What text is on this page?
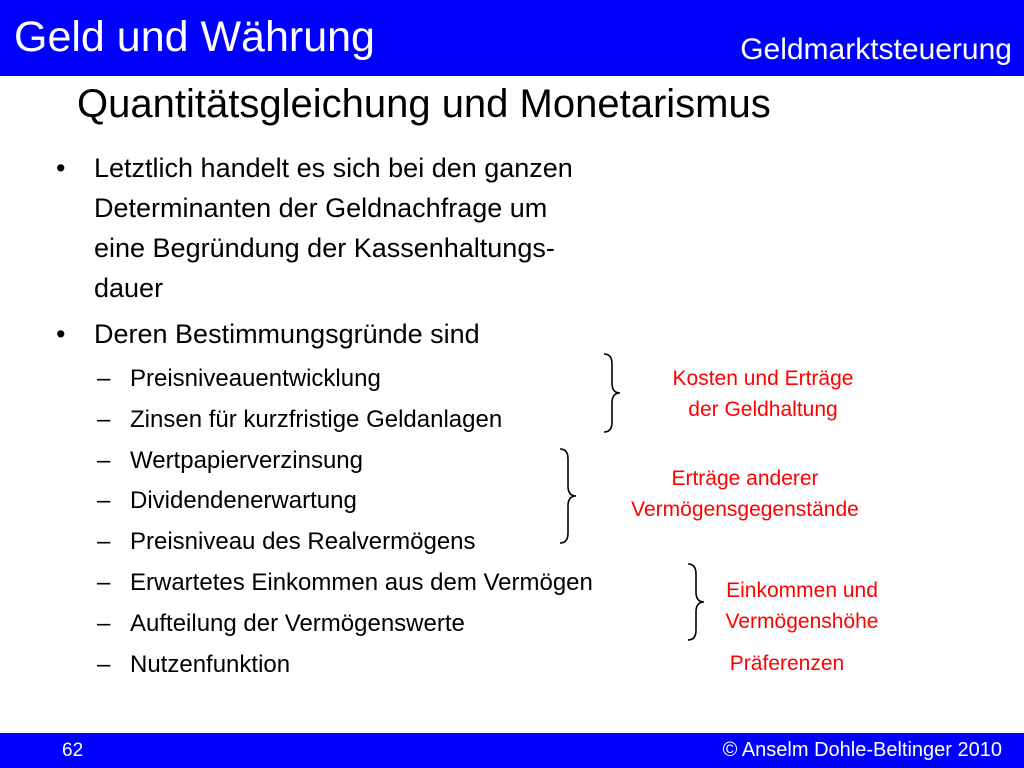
Geld und Währung	Geldmarktsteuerung
Quantitätsgleichung und Monetarismus
• Letztlich handelt es sich bei den ganzen
Determinanten der Geldnachfrage um
eine Begründung der Kassenhaltungs-
dauer
• Deren Bestimmungsgründe sind
– Preisniveauentwicklung
– Zinsen für kurzfristige Geldanlagen
– Wertpapierverzinsung
– Dividendenerwartung
– Preisniveau des Realvermögens
– Erwartetes Einkommen aus dem Vermögen
– Aufteilung der Vermögenswerte
– Nutzenfunktion
Kosten und Erträge
der Geldhaltung
Erträge anderer
Vermögensgegenstände
Einkommen und
Vermögenshöhe
Präferenzen
62	© Anselm Dohle-Beltinger 2010
